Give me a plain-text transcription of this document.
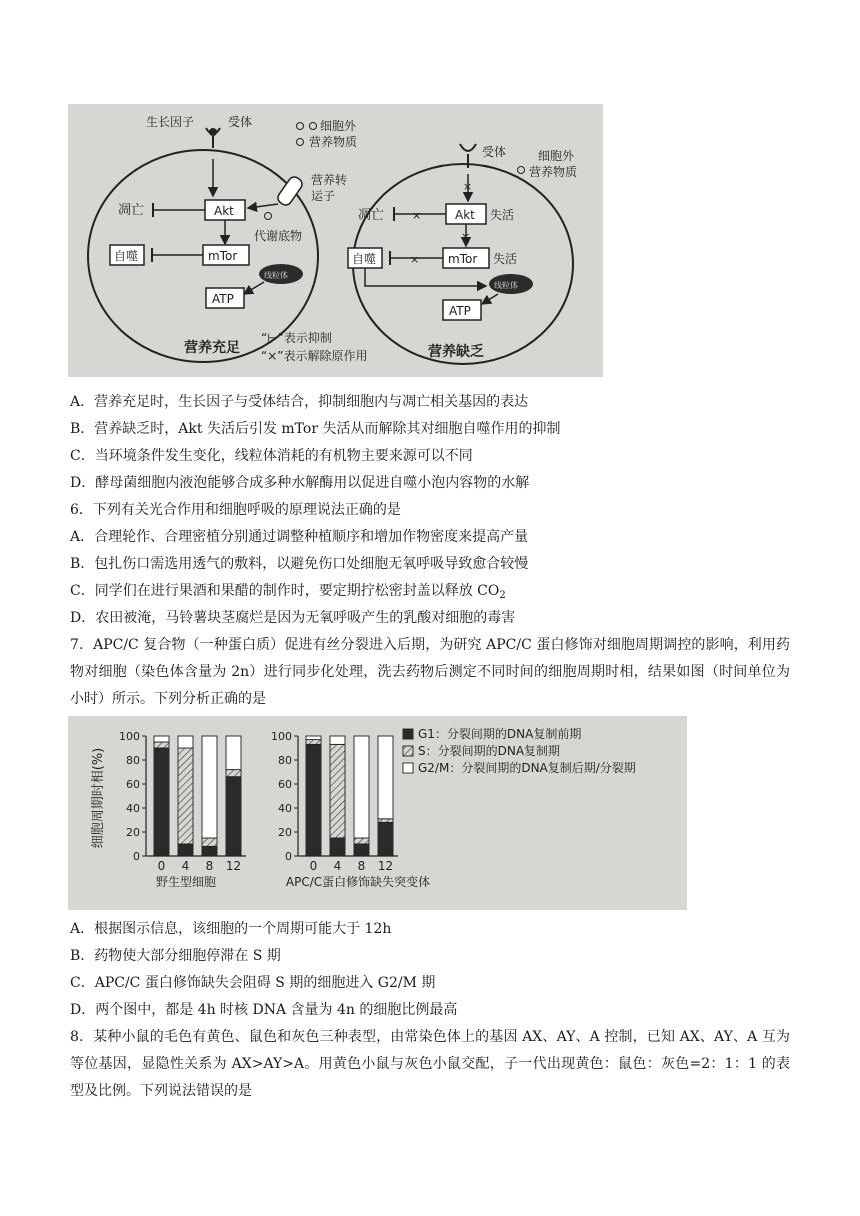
生长因子	受体	细胞外
营养物质
营养转
运子
Akt
凋亡
mTor
自噬
代谢底物
线粒体
ATP
营养充足
“⊢”表示抑制
“×”表示解除原作用
受体	细胞外
营养物质
×
Akt 失活
凋亡	×
×
mTor 失活
自噬	×
线粒体
ATP
营养缺乏
A．营养充足时，生长因子与受体结合，抑制细胞内与凋亡相关基因的表达
B．营养缺乏时，Akt 失活后引发 mTor 失活从而解除其对细胞自噬作用的抑制
C．当环境条件发生变化，线粒体消耗的有机物主要来源可以不同
D．酵母菌细胞内液泡能够合成多种水解酶用以促进自噬小泡内容物的水解
6．下列有关光合作用和细胞呼吸的原理说法正确的是
A．合理轮作、合理密植分别通过调整种植顺序和增加作物密度来提高产量
B．包扎伤口需选用透气的敷料，以避免伤口处细胞无氧呼吸导致愈合较慢
C．同学们在进行果酒和果醋的制作时，要定期拧松密封盖以释放 $CO_2$
D．农田被淹，马铃薯块茎腐烂是因为无氧呼吸产生的乳酸对细胞的毒害
7．APC/C 复合物（一种蛋白质）促进有丝分裂进入后期，为研究 APC/C 蛋白修饰对细胞周期调控的影响，利用药物对细胞（染色体含量为 2n）进行同步化处理，洗去药物后测定不同时间的细胞周期时相，结果如图（时间单位为小时）所示。下列分析正确的是
细胞周期时相(%)
0
20
40
60
80
100
0 4 8 12
野生型细胞
0
20
40
60
80
100
0 4 8 12
APC/C蛋白修饰缺失突变体
G1：分裂间期的DNA复制前期
S：分裂间期的DNA复制期
G2/M：分裂间期的DNA复制后期/分裂期
A．根据图示信息，该细胞的一个周期可能大于 12h
B．药物使大部分细胞停滞在 S 期
C．APC/C 蛋白修饰缺失会阻碍 S 期的细胞进入 G2/M 期
D．两个图中，都是 4h 时核 DNA 含量为 4n 的细胞比例最高
8．某种小鼠的毛色有黄色、鼠色和灰色三种表型，由常染色体上的基因 AX、AY、A 控制，已知 AX、AY、A 互为等位基因，显隐性关系为 AX>AY>A。用黄色小鼠与灰色小鼠交配，子一代出现黄色：鼠色：灰色=2：1：1 的表型及比例。下列说法错误的是
